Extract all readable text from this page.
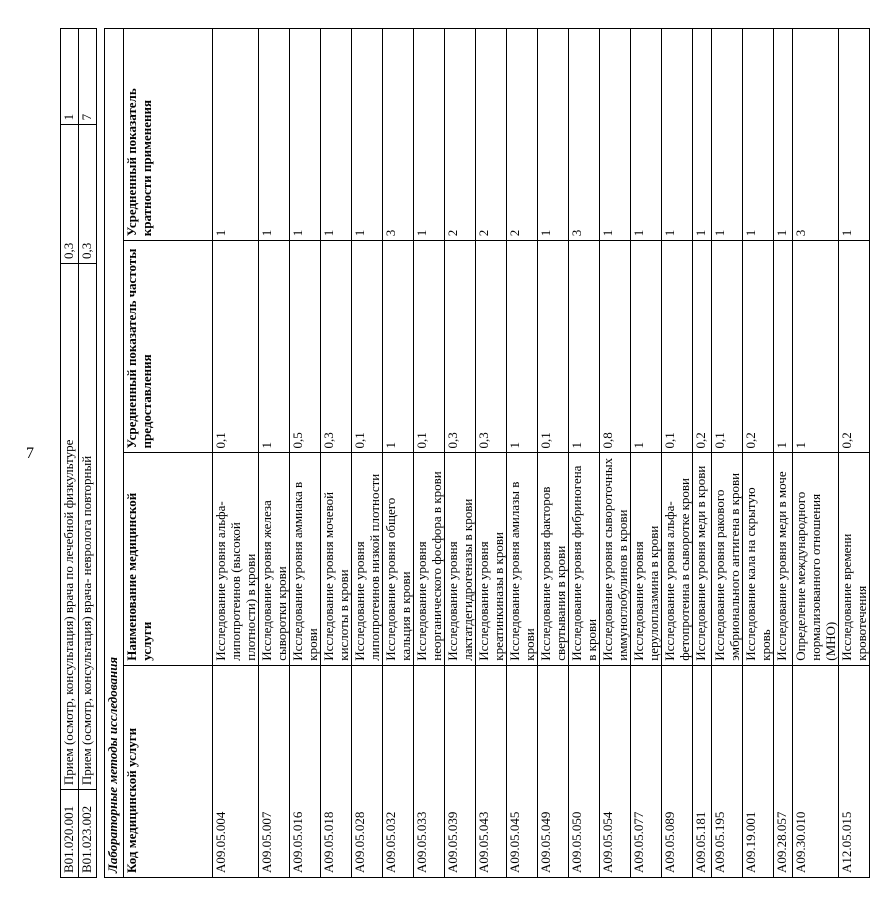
7
B01.020.001	Прием (осмотр, консультация) врача по лечебной физкультуре	0,3	1
B01.023.002	Прием (осмотр, консультация) врача- невролога повторный	0,3	7
Лабораторные методы исследования			
Код медицинской услуги	Наименование медицинской услуги	Усредненный показатель частоты предоставления	Усредненный показатель кратности применения
A09.05.004	Исследование уровня альфа-липопротеинов (высокой плотности) в крови	0,1	1
A09.05.007	Исследование уровня железа сыворотки крови	1	1
A09.05.016	Исследование уровня аммиака в крови	0,5	1
A09.05.018	Исследование уровня мочевой кислоты в крови	0,3	1
A09.05.028	Исследование уровня липопротеинов низкой плотности	0,1	1
A09.05.032	Исследование уровня общего кальция в крови	1	3
A09.05.033	Исследование уровня неорганического фосфора в крови	0,1	1
A09.05.039	Исследование уровня лактатдегидрогеназы в крови	0,3	2
A09.05.043	Исследование уровня креатинкиназы в крови	0,3	2
A09.05.045	Исследование уровня амилазы в крови	1	2
A09.05.049	Исследование уровня факторов свертывания в крови	0,1	1
A09.05.050	Исследование уровня фибриногена в крови	1	3
A09.05.054	Исследование уровня сывороточных иммуноглобулинов в крови	0,8	1
A09.05.077	Исследование уровня церулоплазмина в крови	1	1
A09.05.089	Исследование уровня альфа-фетопротеина в сыворотке крови	0,1	1
A09.05.181	Исследование уровня меди в крови	0,2	1
A09.05.195	Исследование уровня ракового эмбрионального антигена в крови	0,1	1
A09.19.001	Исследование кала на скрытую кровь	0,2	1
A09.28.057	Исследование уровня меди в моче	1	1
A09.30.010	Определение международного нормализованного отношения (МНО)	1	3
A12.05.015	Исследование времени кровотечения	0,2	1
